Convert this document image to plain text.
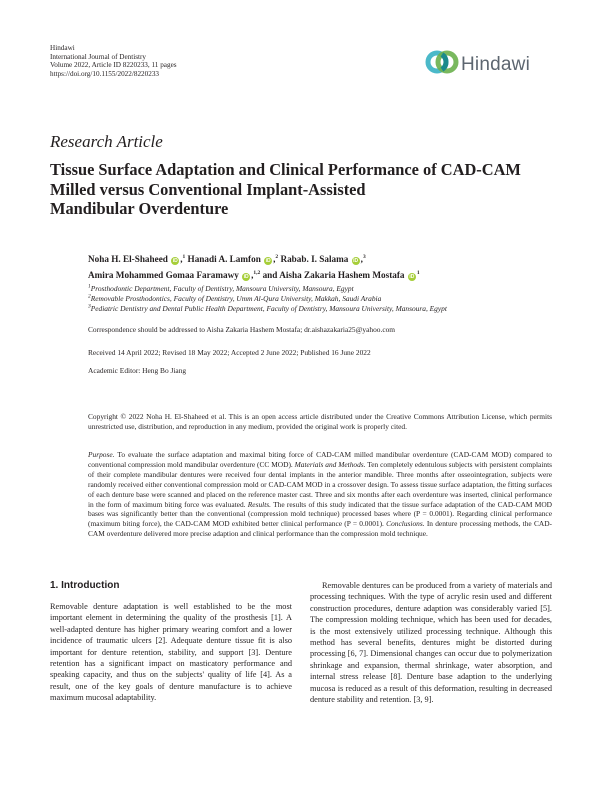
Hindawi
International Journal of Dentistry
Volume 2022, Article ID 8220233, 11 pages
https://doi.org/10.1155/2022/8220233	Hindawi
Research Article
Tissue Surface Adaptation and Clinical Performance of CAD-CAM
Milled versus Conventional Implant-Assisted
Mandibular Overdenture
Noha H. El-Shaheed iD ,$^1$ Hanadi A. Lamfon iD ,$^2$ Rabab. I. Salama iD ,$^3$
Amira Mohammed Gomaa Faramawy iD ,$^{1,2}$ and Aisha Zakaria Hashem Mostafa $iD^1$
$^1$Prosthodontic Department, Faculty of Dentistry, Mansoura University, Mansoura, Egypt
$^2$Removable Prosthodontics, Faculty of Dentistry, Umm Al-Qura University, Makkah, Saudi Arabia
$^3$Pediatric Dentistry and Dental Public Health Department, Faculty of Dentistry, Mansoura University, Mansoura, Egypt
Correspondence should be addressed to Aisha Zakaria Hashem Mostafa; dr.aishazakaria25@yahoo.com
Received 14 April 2022; Revised 18 May 2022; Accepted 2 June 2022; Published 16 June 2022
Academic Editor: Heng Bo Jiang
Copyright © 2022 Noha H. El-Shaheed et al. This is an open access article distributed under the Creative Commons Attribution License, which permits unrestricted use, distribution, and reproduction in any medium, provided the original work is properly cited.
Purpose. To evaluate the surface adaptation and maximal biting force of CAD-CAM milled mandibular overdenture (CAD-CAM MOD) compared to conventional compression mold mandibular overdenture (CC MOD). Materials and Methods. Ten completely edentulous subjects with persistent complaints of their complete mandibular dentures were received four dental implants in the anterior mandible. Three months after osseointegration, subjects were randomly received either conventional compression mold or CAD-CAM MOD in a crossover design. To assess tissue surface adaptation, the fitting surfaces of each denture base were scanned and placed on the reference master cast. Three and six months after each overdenture was inserted, clinical performance in the form of maximum biting force was evaluated. Results. The results of this study indicated that the tissue surface adaptation of the CAD-CAM MOD bases was significantly better than the conventional (compression mold technique) processed bases where (P = 0.0001). Regarding clinical performance (maximum biting force), the CAD-CAM MOD exhibited better clinical performance (P = 0.0001). Conclusions. In denture processing methods, the CAD-CAM overdenture delivered more precise adaption and clinical performance than the compression mold technique.
1. Introduction

Removable denture adaptation is well established to be the most important element in determining the quality of the prosthesis [1]. A well-adapted denture has higher primary wearing comfort and a lower incidence of traumatic ulcers [2]. Adequate denture tissue fit is also important for denture retention, stability, and support [3]. Denture retention has a significant impact on masticatory performance and speaking capacity, and thus on the subjects' quality of life [4]. As a result, one of the key goals of denture manufacture is to achieve maximum mucosal adaptability.

Removable dentures can be produced from a variety of materials and processing techniques. With the type of acrylic resin used and different construction procedures, denture adaption was considerably varied [5]. The compression molding technique, which has been used for decades, is the most extensively utilized processing technique. Although this method has several benefits, dentures might be distorted during processing [6, 7]. Dimensional changes can occur due to polymerization shrinkage and expansion, thermal shrinkage, water absorption, and internal stress release [8]. Denture base adaption to the underlying mucosa is reduced as a result of this deformation, resulting in decreased denture stability and retention. [3, 9].
